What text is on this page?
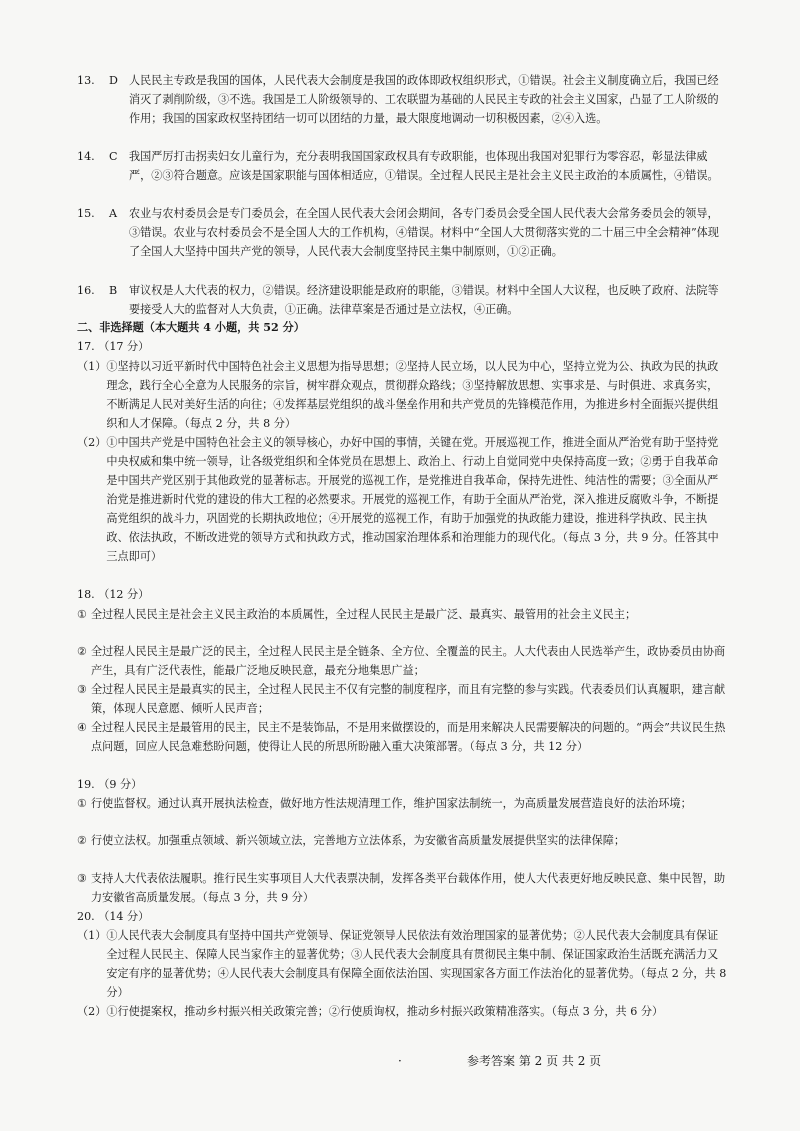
13.	D 人民民主专政是我国的国体，人民代表大会制度是我国的政体即政权组织形式，①错误。社会主义制度确立后，我国已经消灭了剥削阶级，③不选。我国是工人阶级领导的、工农联盟为基础的人民民主专政的社会主义国家，凸显了工人阶级的作用；我国的国家政权坚持团结一切可以团结的力量，最大限度地调动一切积极因素，②④入选。
14.	C	我国严厉打击拐卖妇女儿童行为，充分表明我国国家政权具有专政职能，也体现出我国对犯罪行为零容忍，彰显法律威严，②③符合题意。应该是国家职能与国体相适应，①错误。全过程人民民主是社会主义民主政治的本质属性，④错误。
15.	A	农业与农村委员会是专门委员会，在全国人民代表大会闭会期间，各专门委员会受全国人民代表大会常务委员会的领导，③错误。农业与农村委员会不是全国人大的工作机构，④错误。材料中“全国人大贯彻落实党的二十届三中全会精神”体现了全国人大坚持中国共产党的领导，人民代表大会制度坚持民主集中制原则，①②正确。
16.	B	审议权是人大代表的权力，②错误。经济建设职能是政府的职能，③错误。材料中全国人大议程，也反映了政府、法院等要接受人大的监督对人大负责，①正确。法律草案是否通过是立法权，④正确。
二、非选择题（本大题共 4 小题，共 52 分）
17. （17 分）
（1） ①坚持以习近平新时代中国特色社会主义思想为指导思想；②坚持人民立场，以人民为中心，坚持立党为公、执政为民的执政理念，践行全心全意为人民服务的宗旨，树牢群众观点，贯彻群众路线；③坚持解放思想、实事求是、与时俱进、求真务实，不断满足人民对美好生活的向往；④发挥基层党组织的战斗堡垒作用和共产党员的先锋模范作用，为推进乡村全面振兴提供组织和人才保障。（每点 2 分，共 8 分）
（2） ①中国共产党是中国特色社会主义的领导核心，办好中国的事情，关键在党。开展巡视工作，推进全面从严治党有助于坚持党中央权威和集中统一领导，让各级党组织和全体党员在思想上、政治上、行动上自觉同党中央保持高度一致；②勇于自我革命是中国共产党区别于其他政党的显著标志。开展党的巡视工作，是党推进自我革命，保持先进性、纯洁性的需要；③全面从严治党是推进新时代党的建设的伟大工程的必然要求。开展党的巡视工作，有助于全面从严治党，深入推进反腐败斗争，不断提高党组织的战斗力，巩固党的长期执政地位；④开展党的巡视工作，有助于加强党的执政能力建设，推进科学执政、民主执政、依法执政，不断改进党的领导方式和执政方式，推动国家治理体系和治理能力的现代化。（每点 3 分，共 9 分。任答其中三点即可）
18. （12 分）
① 全过程人民民主是社会主义民主政治的本质属性，全过程人民民主是最广泛、最真实、最管用的社会主义民主；
② 全过程人民民主是最广泛的民主，全过程人民民主是全链条、全方位、全覆盖的民主。人大代表由人民选举产生，政协委员由协商产生，具有广泛代表性，能最广泛地反映民意，最充分地集思广益；
③ 全过程人民民主是最真实的民主，全过程人民民主不仅有完整的制度程序，而且有完整的参与实践。代表委员们认真履职，建言献策，体现人民意愿、倾听人民声音；
④ 全过程人民民主是最管用的民主，民主不是装饰品，不是用来做摆设的，而是用来解决人民需要解决的问题的。“两会”共议民生热点问题，回应人民急难愁盼问题，使得让人民的所思所盼融入重大决策部署。（每点 3 分，共 12 分）
19. （9 分）
① 行使监督权。通过认真开展执法检查，做好地方性法规清理工作，维护国家法制统一，为高质量发展营造良好的法治环境；
② 行使立法权。加强重点领域、新兴领域立法，完善地方立法体系，为安徽省高质量发展提供坚实的法律保障；
③ 支持人大代表依法履职。推行民生实事项目人大代表票决制，发挥各类平台载体作用，使人大代表更好地反映民意、集中民智，助力安徽省高质量发展。（每点 3 分，共 9 分）
20. （14 分）
（1） ①人民代表大会制度具有坚持中国共产党领导、保证党领导人民依法有效治理国家的显著优势；②人民代表大会制度具有保证全过程人民民主、保障人民当家作主的显著优势；③人民代表大会制度具有贯彻民主集中制、保证国家政治生活既充满活力又安定有序的显著优势；④人民代表大会制度具有保障全面依法治国、实现国家各方面工作法治化的显著优势。（每点 2 分，共 8 分）
（2） ①行使提案权，推动乡村振兴相关政策完善；②行使质询权，推动乡村振兴政策精准落实。（每点 3 分，共 6 分）
·	参考答案 第 2 页 共 2 页
